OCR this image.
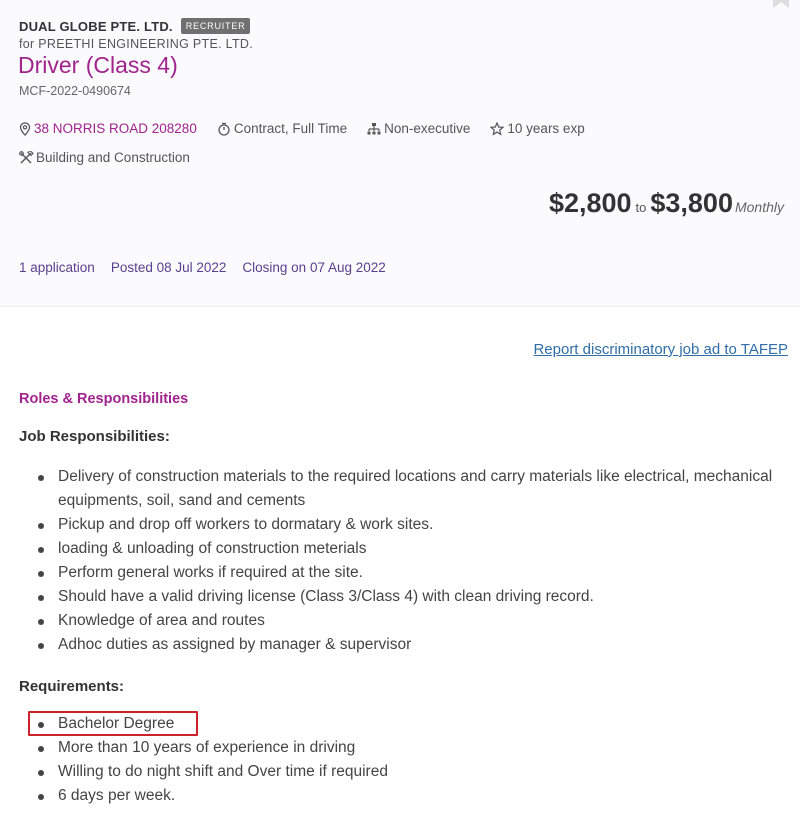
DUAL GLOBE PTE. LTD.	RECRUITER
for PREETHI ENGINEERING PTE. LTD.
Driver (Class 4)
MCF-2022-0490674
38 NORRIS ROAD 208280	Contract, Full Time	Non-executive	10 years exp
Building and Construction
$2,800 to $3,800 Monthly
1 application Posted 08 Jul 2022 Closing on 07 Aug 2022
Report discriminatory job ad to TAFEP
Roles & Responsibilities
Job Responsibilities:
Delivery of construction materials to the required locations and carry materials like electrical, mechanical equipments, soil, sand and cements
Pickup and drop off workers to dormatary & work sites.
loading & unloading of construction meterials
Perform general works if required at the site.
Should have a valid driving license (Class 3/Class 4) with clean driving record.
Knowledge of area and routes
Adhoc duties as assigned by manager & supervisor
Requirements:
Bachelor Degree
More than 10 years of experience in driving
Willing to do night shift and Over time if required
6 days per week.
